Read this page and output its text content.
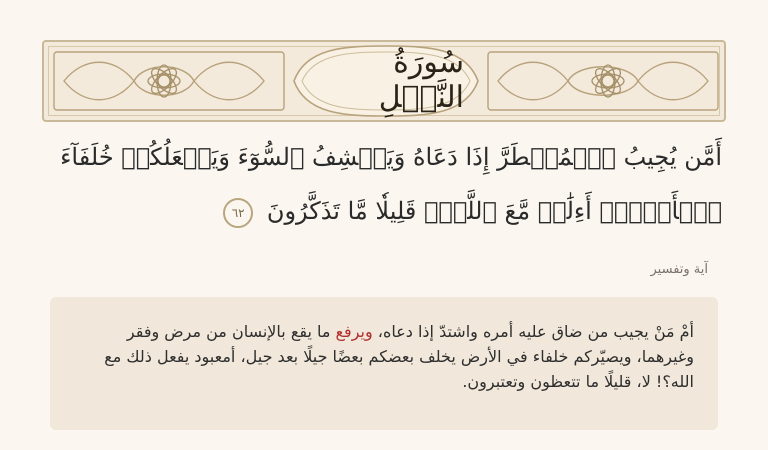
سُورَةُ النَّمۡلِ
أَمَّن يُجِيبُ ٱلۡمُضۡطَرَّ إِذَا دَعَاهُ وَيَكۡشِفُ ٱلسُّوٓءَ وَيَجۡعَلُكُمۡ خُلَفَآءَ ٱلۡأَرۡضِۗ أَءِلَٰهٞ مَّعَ ٱللَّهِۚ قَلِيلٗا مَّا تَذَكَّرُونَ ٦٢
آية وتفسير
أمْ مَنْ يجيب من ضاق عليه أمره واشتدّ إذا دعاه، ويرفع ما يقع بالإنسان من مرض وفقر وغيرهما، ويصيّركم خلفاء في الأرض يخلف بعضكم بعضًا جيلًا بعد جيل، أمعبود يفعل ذلك مع الله؟! لا، قليلًا ما تتعظون وتعتبرون.
